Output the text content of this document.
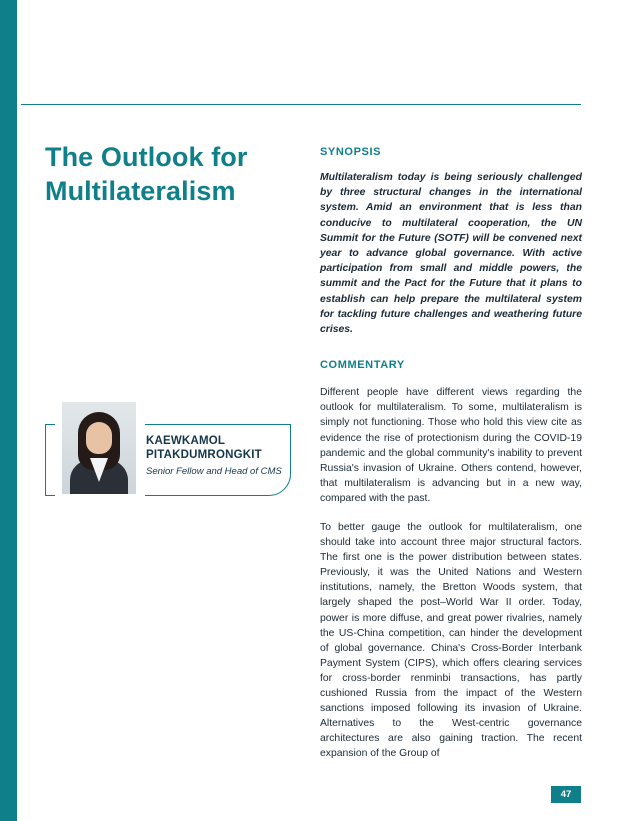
The Outlook for Multilateralism
KAEWKAMOL PITAKDUMRONGKIT
Senior Fellow and Head of CMS
SYNOPSIS
Multilateralism today is being seriously challenged by three structural changes in the international system. Amid an environment that is less than conducive to multilateral cooperation, the UN Summit for the Future (SOTF) will be convened next year to advance global governance. With active participation from small and middle powers, the summit and the Pact for the Future that it plans to establish can help prepare the multilateral system for tackling future challenges and weathering future crises.
COMMENTARY

Different people have different views regarding the outlook for multilateralism. To some, multilateralism is simply not functioning. Those who hold this view cite as evidence the rise of protectionism during the COVID-19 pandemic and the global community's inability to prevent Russia's invasion of Ukraine. Others contend, however, that multilateralism is advancing but in a new way, compared with the past.

To better gauge the outlook for multilateralism, one should take into account three major structural factors. The first one is the power distribution between states. Previously, it was the United Nations and Western institutions, namely, the Bretton Woods system, that largely shaped the post–World War II order. Today, power is more diffuse, and great power rivalries, namely the US-China competition, can hinder the development of global governance. China's Cross-Border Interbank Payment System (CIPS), which offers clearing services for cross-border renminbi transactions, has partly cushioned Russia from the impact of the Western sanctions imposed following its invasion of Ukraine. Alternatives to the West-centric governance architectures are also gaining traction. The recent expansion of the Group of

47
